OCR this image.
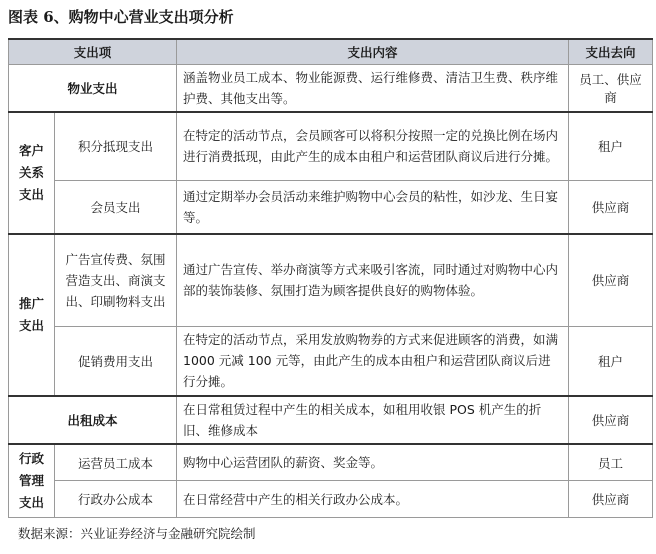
图表 6、购物中心营业支出项分析
支出项		支出内容	支出去向
物业支出		涵盖物业员工成本、物业能源费、运行维修费、清洁卫生费、秩序维护费、其他支出等。	员工、供应商
客户关系支出	积分抵现支出	在特定的活动节点，会员顾客可以将积分按照一定的兑换比例在场内进行消费抵现，由此产生的成本由租户和运营团队商议后进行分摊。	租户
	会员支出	通过定期举办会员活动来维护购物中心会员的粘性，如沙龙、生日宴等。	供应商
推广支出	广告宣传费、氛围营造支出、商演支出、印刷物料支出	通过广告宣传、举办商演等方式来吸引客流，同时通过对购物中心内部的装饰装修、氛围打造为顾客提供良好的购物体验。	供应商
	促销费用支出	在特定的活动节点，采用发放购物券的方式来促进顾客的消费，如满 1000 元减 100 元等，由此产生的成本由租户和运营团队商议后进行分摊。	租户
出租成本		在日常租赁过程中产生的相关成本，如租用收银 POS 机产生的折旧、维修成本	供应商
行政管理支出	运营员工成本	购物中心运营团队的薪资、奖金等。	员工
	行政办公成本	在日常经营中产生的相关行政办公成本。	供应商
数据来源：兴业证券经济与金融研究院绘制
